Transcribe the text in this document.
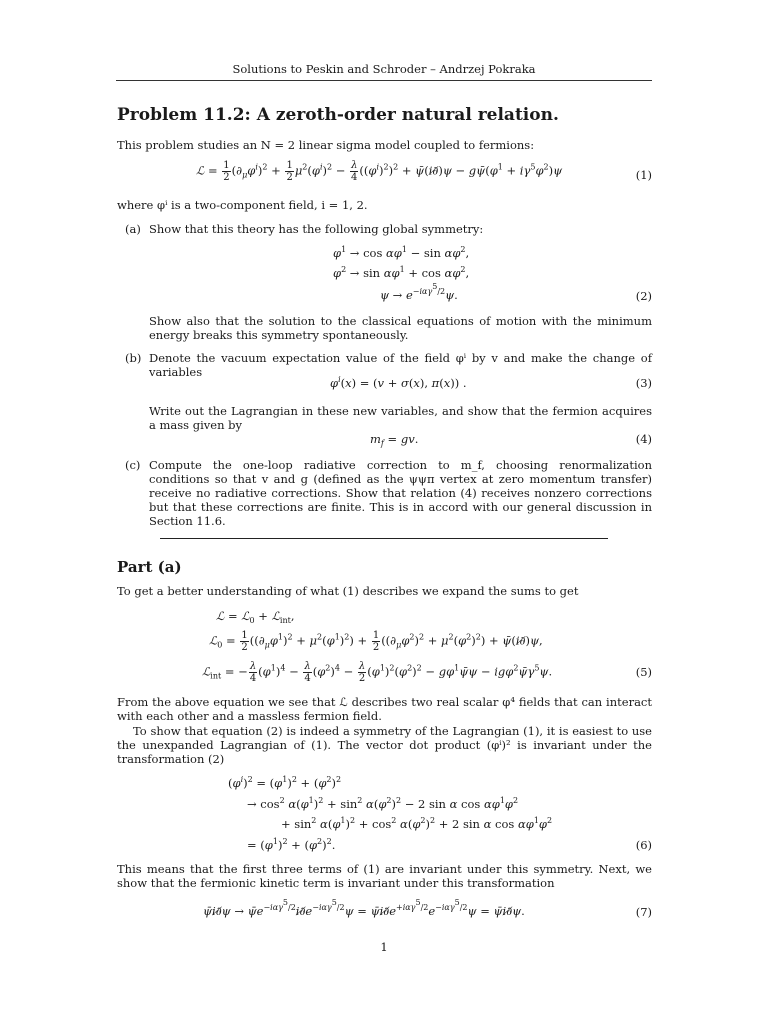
Solutions to Peskin and Schroder – Andrzej Pokraka
Problem 11.2: A zeroth-order natural relation.
This problem studies an N = 2 linear sigma model coupled to fermions:
ℒ = $\frac{1}{2} (\partial_\mu\varphi^i)^2 + \frac{1}{2} \mu^2(\varphi^i)^2 - \frac{\lambda}{4} ((\varphi^i)^2)^2$ + ψ̄(i∂̸)ψ − $g\psī(\varphi^1 + i\gamma^5\varphi^2)\psi$	(1)
where φⁱ is a two-component field, i = 1, 2.
(a) Show that this theory has the following global symmetry:
$\varphi^1 \to \cos \alpha\varphi^1 - \sin \alpha\varphi^2$,
$\varphi^2 \to \sin \alpha\varphi^1 + \cos \alpha\varphi^2$,
$\psi \to e^{-i\alpha\gamma^5/2}\psi$.	(2)
Show also that the solution to the classical equations of motion with the minimum energy breaks this symmetry spontaneously.
(b) Denote the vacuum expectation value of the field φⁱ by v and make the change of variables
$\varphi^i(x) = (v + \sigma(x)$, π(x)) .	(3)
Write out the Lagrangian in these new variables, and show that the fermion acquires a mass given by
$m_f$ = gv.	(4)
(c) Compute the one-loop radiative correction to m_f, choosing renormalization conditions so that v and g (defined as the ψψπ vertex at zero momentum transfer) receive no radiative corrections. Show that relation (4) receives nonzero corrections but that these corrections are finite. This is in accord with our general discussion in Section 11.6.
Part (a)
To get a better understanding of what (1) describes we expand the sums to get
ℒ = ℒ$_0$ + ℒ$_{int}$,
ℒ$_0$ = $\frac{1}{2} ((\partial_\mu\varphi^1)^2 + \mu^2(\varphi^1)^2) + \frac{1}{2} ((\partial_\mu\varphi^2)^2 + \mu^2(\varphi^2)^2)$ + ψ̄(i∂̸)ψ,
ℒ$_{int}$ = − $\frac{\lambda}{4} (\varphi^1)^4 - \frac{\lambda}{4} (\varphi^2)^4 - \frac{\lambda}{2} (\varphi^1)^2(\varphi^2)^2$ − $g\varphi^1\psī\psi$ − $ig\varphi^2\psī\gamma^5\psi$.	(5)
From the above equation we see that ℒ describes two real scalar φ⁴ fields that can interact with each other and a massless fermion field.
To show that equation (2) is indeed a symmetry of the Lagrangian (1), it is easiest to use the unexpanded Lagrangian of (1). The vector dot product (φⁱ)² is invariant under the transformation (2)
$(\varphi^i)^2 = (\varphi^1)^2 + (\varphi^2)^2$
→ $\cos^2 \alpha(\varphi^1)^2 + \sin^2 \alpha(\varphi^2)^2 - 2$ sin α $\cos \alpha\varphi^1\varphi^2$
+ $\sin^2 \alpha(\varphi^1)^2 + \cos^2 \alpha(\varphi^2)^2 + 2$ sin α $\cos \alpha\varphi^1\varphi^2$
= $(\varphi^1)^2 + (\varphi^2)^2$.	(6)
This means that the first three terms of (1) are invariant under this symmetry. Next, we show that the fermionic kinetic term is invariant under this transformation
ψ̄i∂̸ψ → $\psīe^{-i\alpha\gamma^5/2}i\partial̸e^{-i\alpha\gamma^5/2}\psi$ = $\psīi\partial̸e^{+i\alpha\gamma^5/2}e^{-i\alpha\gamma^5/2}\psi$ = ψ̄i∂̸ψ.	(7)
1
